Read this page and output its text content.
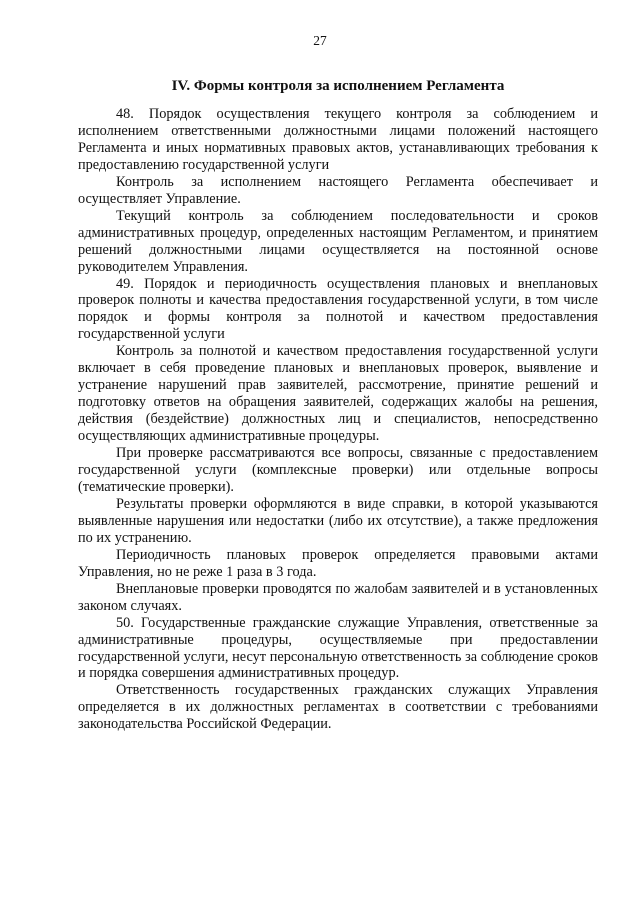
27
IV. Формы контроля за исполнением Регламента

48. Порядок осуществления текущего контроля за соблюдением и исполнением ответственными должностными лицами положений настоящего Регламента и иных нормативных правовых актов, устанавливающих требования к предоставлению государственной услуги

Контроль за исполнением настоящего Регламента обеспечивает и осуществляет Управление.

Текущий контроль за соблюдением последовательности и сроков административных процедур, определенных настоящим Регламентом, и принятием решений должностными лицами осуществляется на постоянной основе руководителем Управления.

49. Порядок и периодичность осуществления плановых и внеплановых проверок полноты и качества предоставления государственной услуги, в том числе порядок и формы контроля за полнотой и качеством предоставления государственной услуги

Контроль за полнотой и качеством предоставления государственной услуги включает в себя проведение плановых и внеплановых проверок, выявление и устранение нарушений прав заявителей, рассмотрение, принятие решений и подготовку ответов на обращения заявителей, содержащих жалобы на решения, действия (бездействие) должностных лиц и специалистов, непосредственно осуществляющих административные процедуры.

При проверке рассматриваются все вопросы, связанные с предоставлением государственной услуги (комплексные проверки) или отдельные вопросы (тематические проверки).

Результаты проверки оформляются в виде справки, в которой указываются выявленные нарушения или недостатки (либо их отсутствие), а также предложения по их устранению.

Периодичность плановых проверок определяется правовыми актами Управления, но не реже 1 раза в 3 года.

Внеплановые проверки проводятся по жалобам заявителей и в установленных законом случаях.

50. Государственные гражданские служащие Управления, ответственные за административные процедуры, осуществляемые при предоставлении государственной услуги, несут персональную ответственность за соблюдение сроков и порядка совершения административных процедур.

Ответственность государственных гражданских служащих Управления определяется в их должностных регламентах в соответствии с требованиями законодательства Российской Федерации.
